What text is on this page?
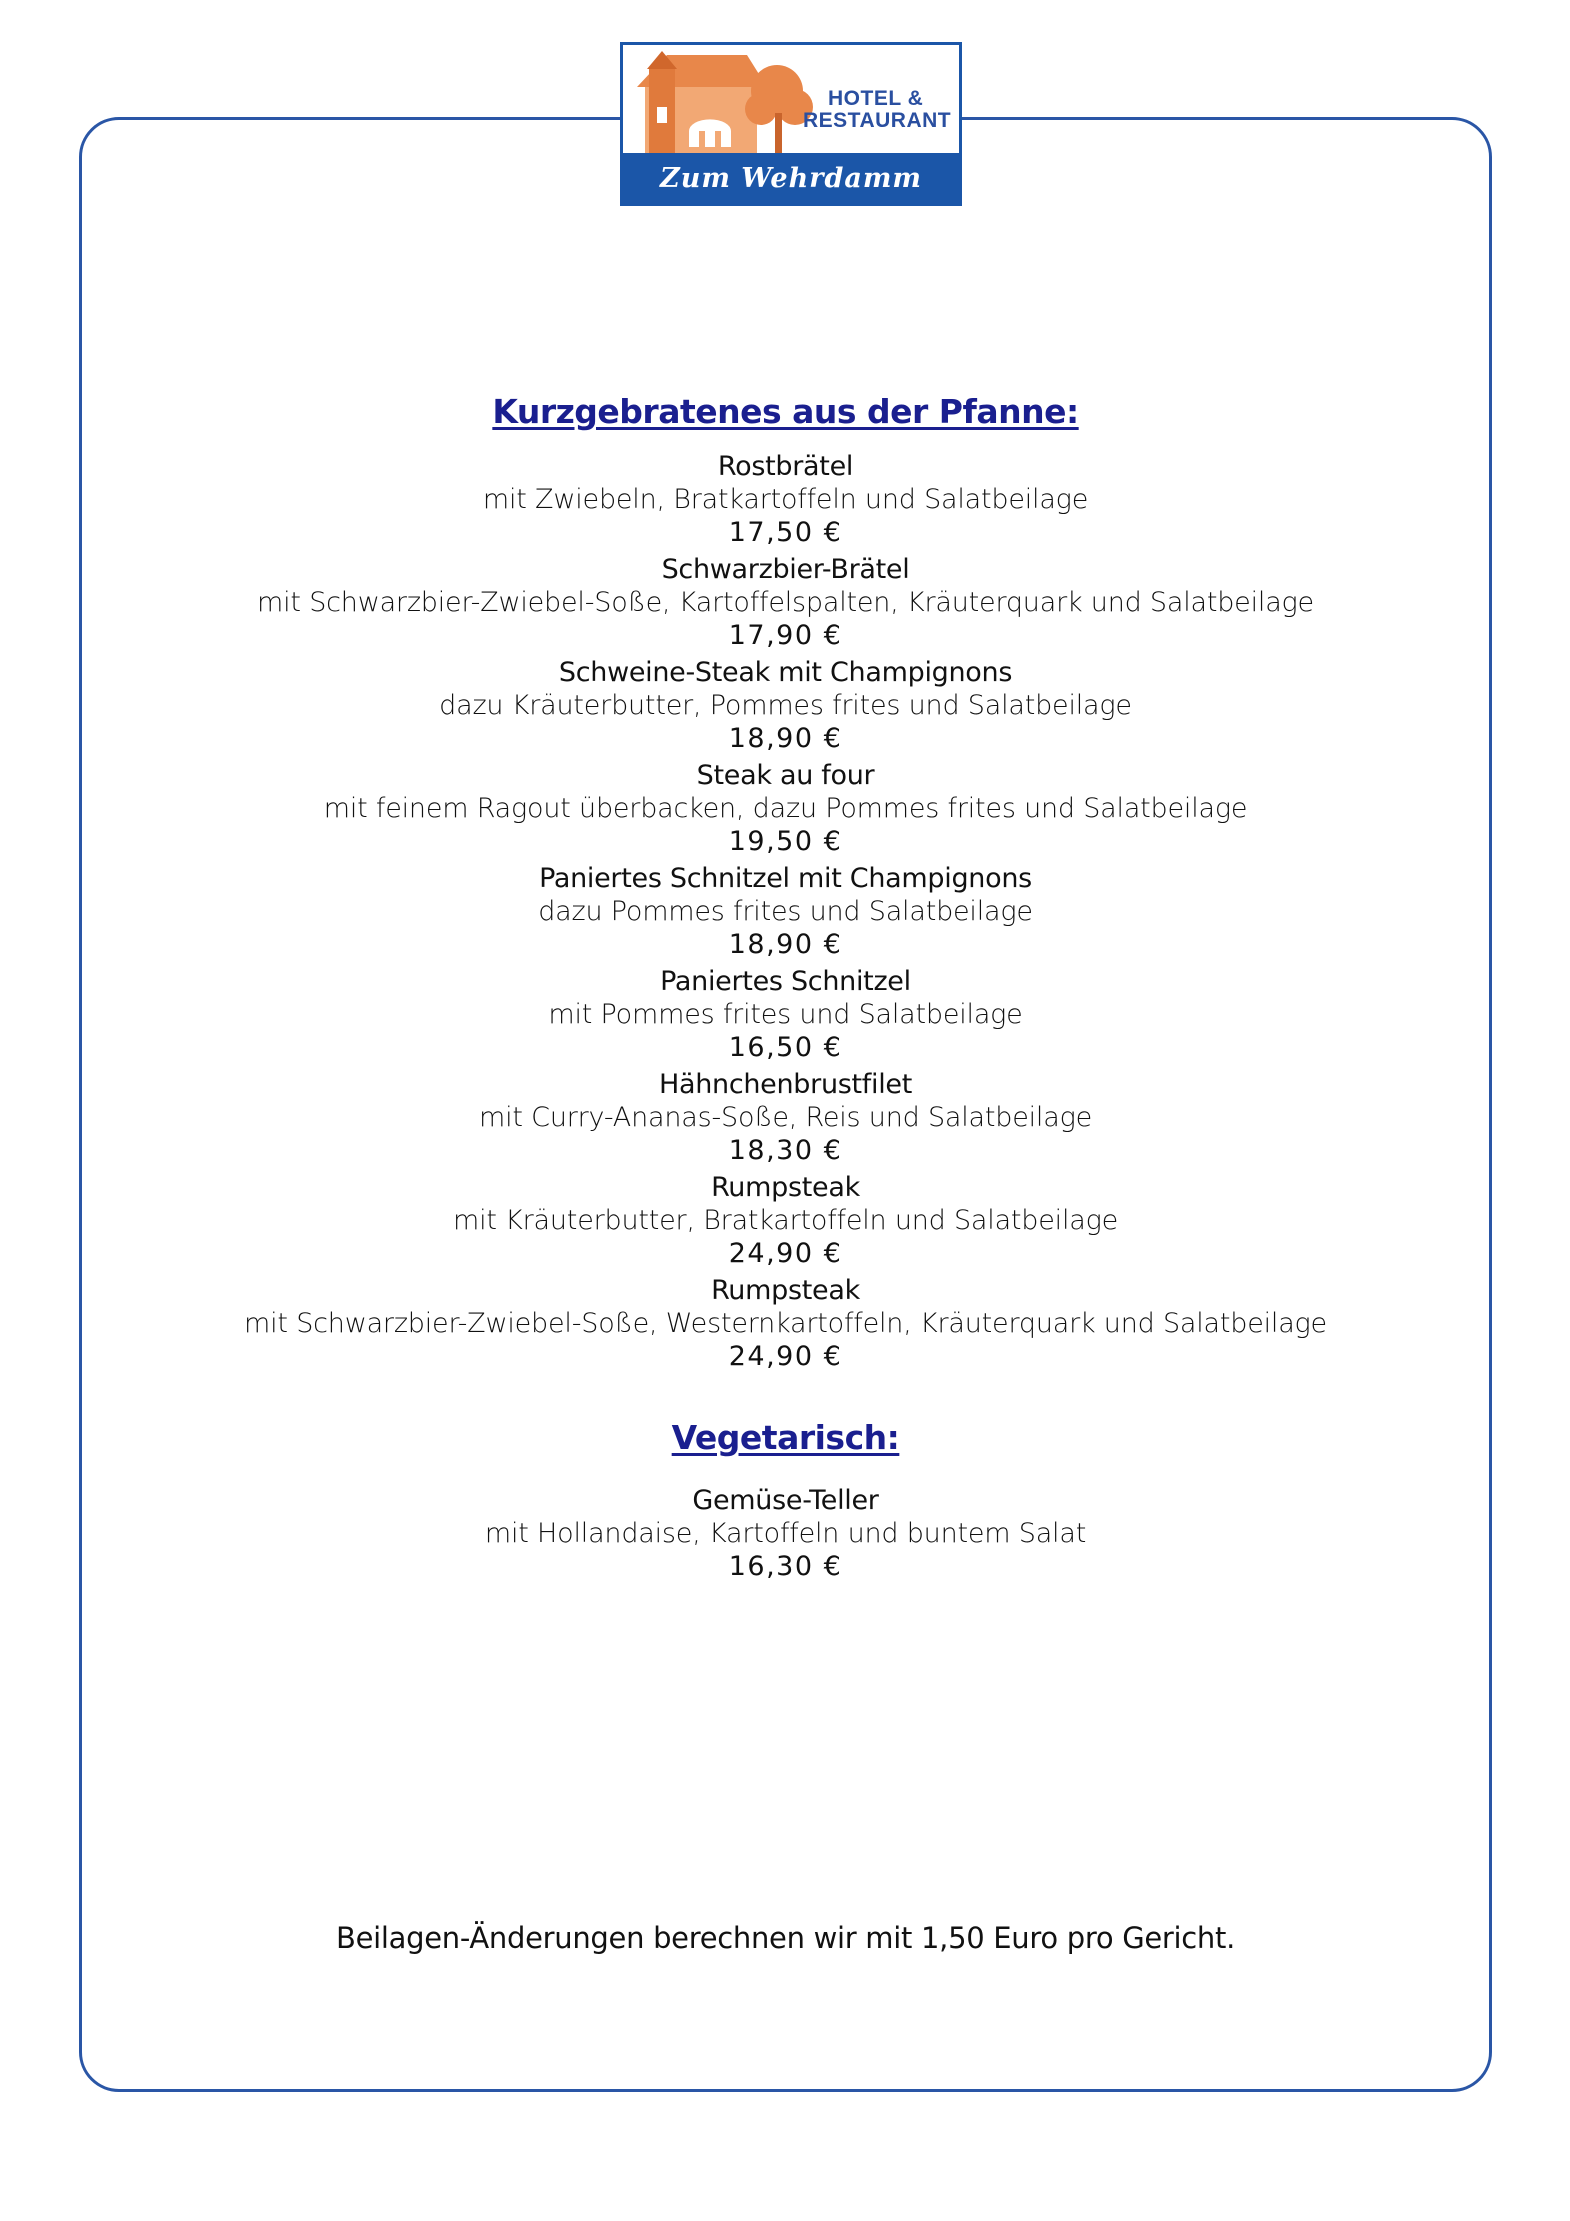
HOTEL &
RESTAURANT
Zum Wehrdamm
Kurzgebratenes aus der Pfanne:
Rostbrätel
mit Zwiebeln, Bratkartoffeln und Salatbeilage
17,50 €
Schwarzbier-Brätel
mit Schwarzbier-Zwiebel-Soße, Kartoffelspalten, Kräuterquark und Salatbeilage
17,90 €
Schweine-Steak mit Champignons
dazu Kräuterbutter, Pommes frites und Salatbeilage
18,90 €
Steak au four
mit feinem Ragout überbacken, dazu Pommes frites und Salatbeilage
19,50 €
Paniertes Schnitzel mit Champignons
dazu Pommes frites und Salatbeilage
18,90 €
Paniertes Schnitzel
mit Pommes frites und Salatbeilage
16,50 €
Hähnchenbrustfilet
mit Curry-Ananas-Soße, Reis und Salatbeilage
18,30 €
Rumpsteak
mit Kräuterbutter, Bratkartoffeln und Salatbeilage
24,90 €
Rumpsteak
mit Schwarzbier-Zwiebel-Soße, Westernkartoffeln, Kräuterquark und Salatbeilage
24,90 €
Vegetarisch:
Gemüse-Teller
mit Hollandaise, Kartoffeln und buntem Salat
16,30 €
Beilagen-Änderungen berechnen wir mit 1,50 Euro pro Gericht.
